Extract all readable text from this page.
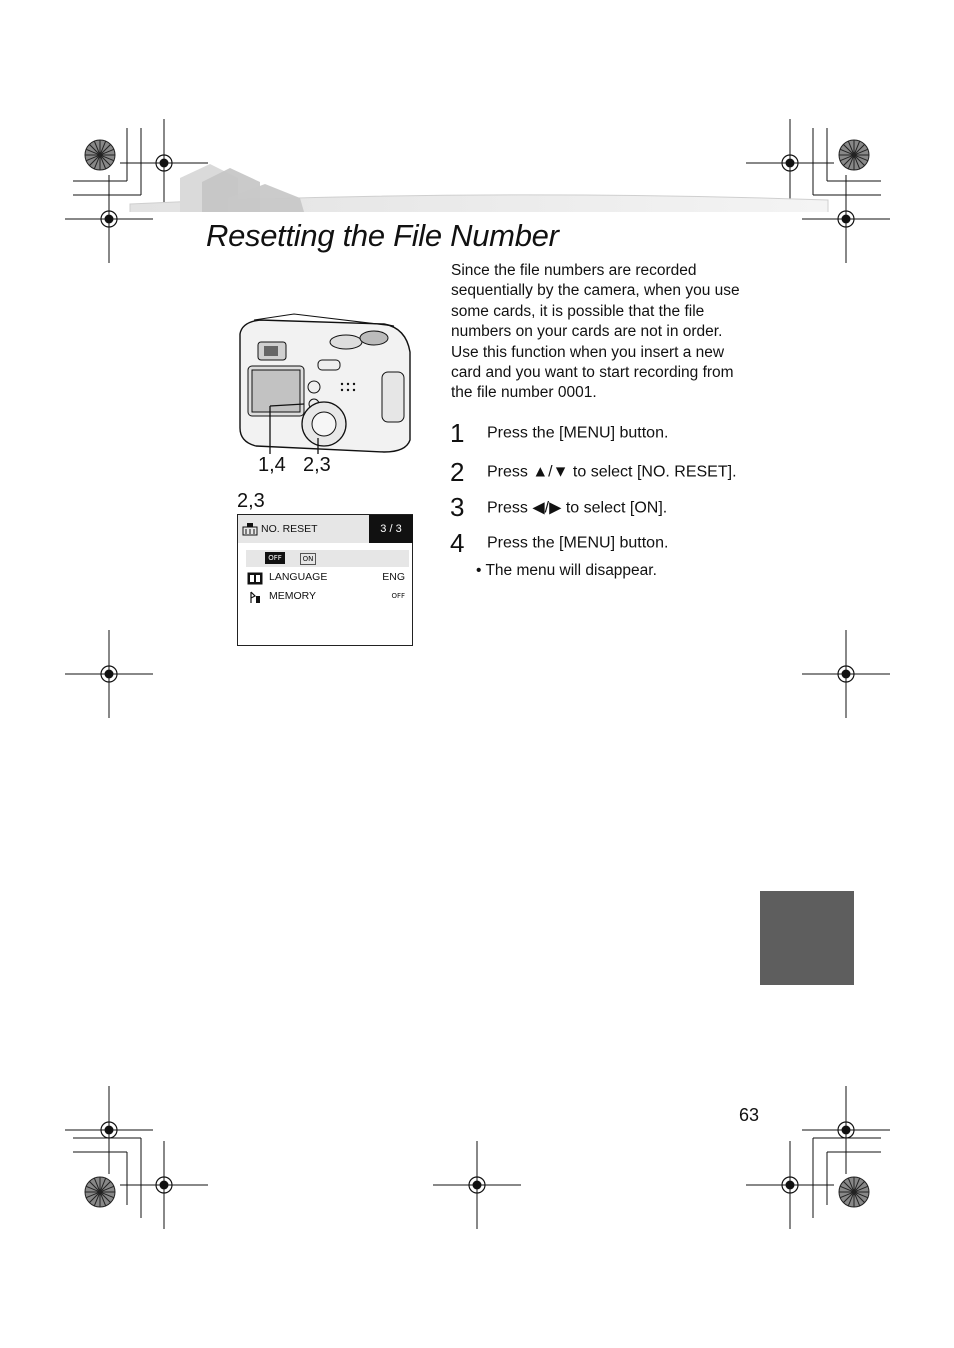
Resetting the File Number
1,4 2,3
2,3
NO. RESET	3 / 3
OFF	ON
LANGUAGE	ENG
MEMORY	OFF
Since the file numbers are recorded sequentially by the camera, when you use some cards, it is possible that the file numbers on your cards are not in order. Use this function when you insert a new card and you want to start recording from the file number 0001.
1 Press the [MENU] button.
2 Press ▲/▼ to select [NO. RESET].
3 Press ◀/▶ to select [ON].
4 Press the [MENU] button.
• The menu will disappear.
63
